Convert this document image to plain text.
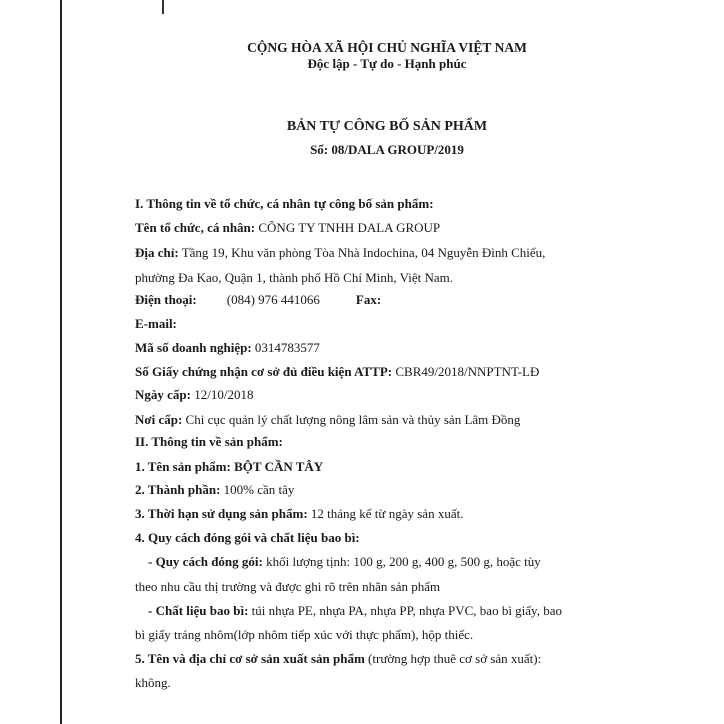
CỘNG HÒA XÃ HỘI CHỦ NGHĨA VIỆT NAM
Độc lập - Tự do - Hạnh phúc
BẢN TỰ CÔNG BỐ SẢN PHẨM
Số: 08/DALA GROUP/2019
I. Thông tin về tổ chức, cá nhân tự công bố sản phẩm:
Tên tổ chức, cá nhân: CÔNG TY TNHH DALA GROUP
Địa chỉ: Tầng 19, Khu văn phòng Tòa Nhà Indochina, 04 Nguyễn Đình Chiểu,
phường Đa Kao, Quận 1, thành phố Hồ Chí Minh, Việt Nam.
Điện thoại: (084) 976 441066	Fax:
E-mail:
Mã số doanh nghiệp: 0314783577
Số Giấy chứng nhận cơ sở đủ điều kiện ATTP: CBR49/2018/NNPTNT-LĐ
Ngày cấp: 12/10/2018
Nơi cấp: Chi cục quản lý chất lượng nông lâm sản và thủy sản Lâm Đồng
II. Thông tin về sản phẩm:
1. Tên sản phẩm: BỘT CẦN TÂY
2. Thành phần: 100% cần tây
3. Thời hạn sử dụng sản phẩm: 12 tháng kể từ ngày sản xuất.
4. Quy cách đóng gói và chất liệu bao bì:
- Quy cách đóng gói: khối lượng tịnh: 100 g, 200 g, 400 g, 500 g, hoặc tùy
theo nhu cầu thị trường và được ghi rõ trên nhãn sản phẩm
- Chất liệu bao bì: túi nhựa PE, nhựa PA, nhựa PP, nhựa PVC, bao bì giấy, bao
bì giấy tráng nhôm(lớp nhôm tiếp xúc với thực phẩm), hộp thiếc.
5. Tên và địa chỉ cơ sở sản xuất sản phẩm (trường hợp thuê cơ sở sản xuất):
không.
